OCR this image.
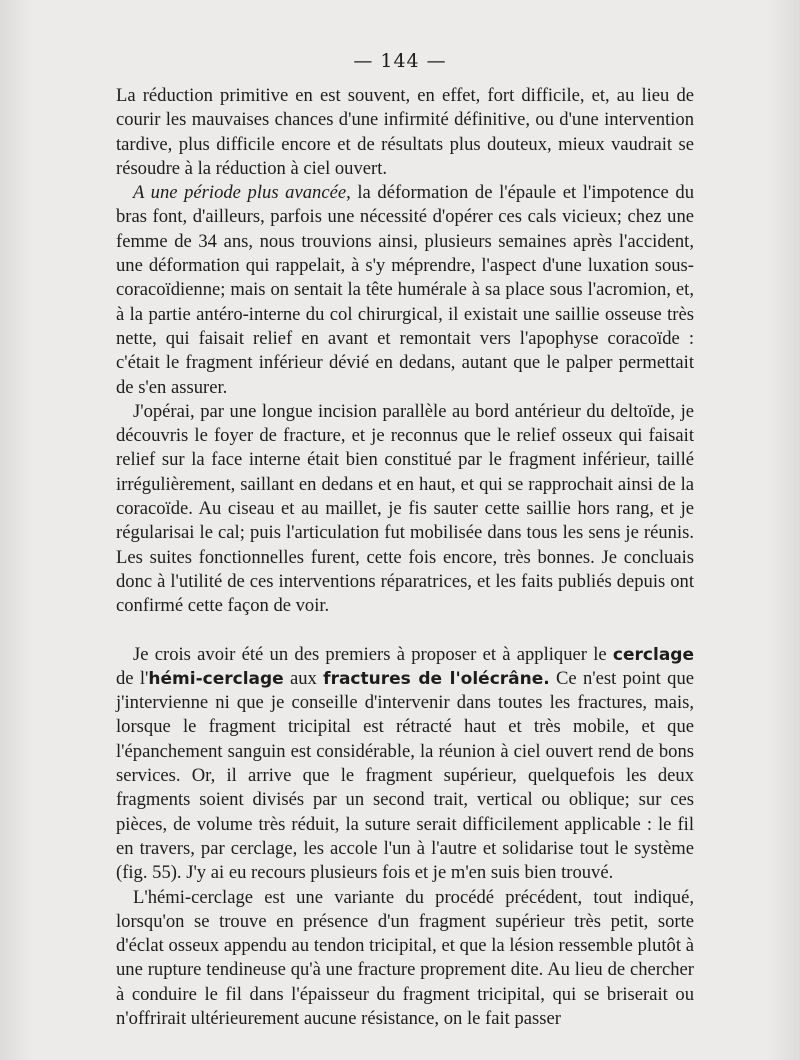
— 144 —

La réduction primitive en est souvent, en effet, fort difficile, et, au lieu de courir les mauvaises chances d'une infirmité définitive, ou d'une intervention tardive, plus difficile encore et de résultats plus douteux, mieux vaudrait se résoudre à la réduction à ciel ouvert.

A une période plus avancée, la déformation de l'épaule et l'impotence du bras font, d'ailleurs, parfois une nécessité d'opérer ces cals vicieux; chez une femme de 34 ans, nous trouvions ainsi, plusieurs semaines après l'accident, une déformation qui rappelait, à s'y méprendre, l'aspect d'une luxation sous-coracoïdienne; mais on sentait la tête humérale à sa place sous l'acromion, et, à la partie antéro-interne du col chirurgical, il existait une saillie osseuse très nette, qui faisait relief en avant et remontait vers l'apophyse coracoïde : c'était le fragment inférieur dévié en dedans, autant que le palper permettait de s'en assurer.

J'opérai, par une longue incision parallèle au bord antérieur du deltoïde, je découvris le foyer de fracture, et je reconnus que le relief osseux qui faisait relief sur la face interne était bien constitué par le fragment inférieur, taillé irrégulièrement, saillant en dedans et en haut, et qui se rapprochait ainsi de la coracoïde. Au ciseau et au maillet, je fis sauter cette saillie hors rang, et je régularisai le cal; puis l'articulation fut mobilisée dans tous les sens je réunis. Les suites fonctionnelles furent, cette fois encore, très bonnes. Je concluais donc à l'utilité de ces interventions réparatrices, et les faits publiés depuis ont confirmé cette façon de voir.

Je crois avoir été un des premiers à proposer et à appliquer le cerclage de l'hémi-cerclage aux fractures de l'olécrâne. Ce n'est point que j'intervienne ni que je conseille d'intervenir dans toutes les fractures, mais, lorsque le fragment tricipital est rétracté haut et très mobile, et que l'épanchement sanguin est considérable, la réunion à ciel ouvert rend de bons services. Or, il arrive que le fragment supérieur, quelquefois les deux fragments soient divisés par un second trait, vertical ou oblique; sur ces pièces, de volume très réduit, la suture serait difficilement applicable : le fil en travers, par cerclage, les accole l'un à l'autre et solidarise tout le système (fig. 55). J'y ai eu recours plusieurs fois et je m'en suis bien trouvé.

L'hémi-cerclage est une variante du procédé précédent, tout indiqué, lorsqu'on se trouve en présence d'un fragment supérieur très petit, sorte d'éclat osseux appendu au tendon tricipital, et que la lésion ressemble plutôt à une rupture tendineuse qu'à une fracture proprement dite. Au lieu de chercher à conduire le fil dans l'épaisseur du fragment tricipital, qui se briserait ou n'offrirait ultérieurement aucune résistance, on le fait passer
